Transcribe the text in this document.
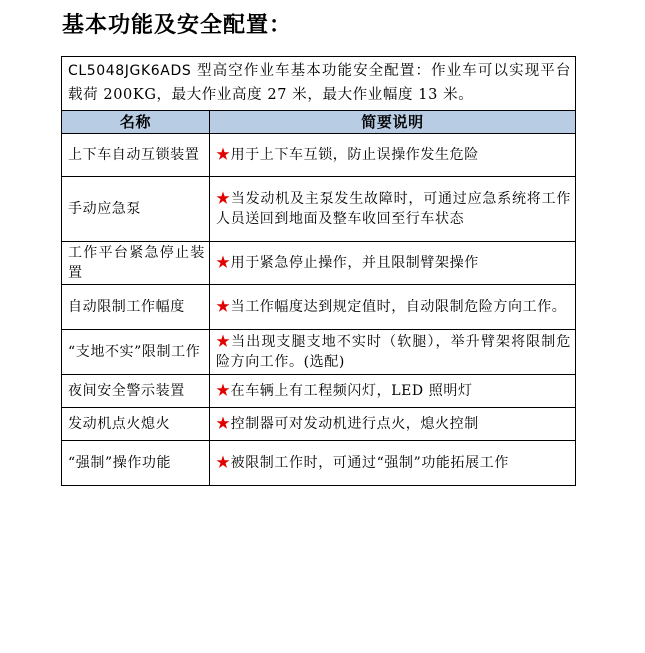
基本功能及安全配置：
CL5048JGK6ADS 型高空作业车基本功能安全配置：作业车可以实现平台载荷 200KG，最大作业高度 27 米，最大作业幅度 13 米。	
名称	简要说明
上下车自动互锁装置	★用于上下车互锁，防止误操作发生危险
手动应急泵	★当发动机及主泵发生故障时，可通过应急系统将工作人员送回到地面及整车收回至行车状态
工作平台紧急停止装置	★用于紧急停止操作，并且限制臂架操作
自动限制工作幅度	★当工作幅度达到规定值时，自动限制危险方向工作。
“支地不实”限制工作	★当出现支腿支地不实时（软腿），举升臂架将限制危险方向工作。(选配)
夜间安全警示装置	★在车辆上有工程频闪灯，LED 照明灯
发动机点火熄火	★控制器可对发动机进行点火，熄火控制
“强制”操作功能	★被限制工作时，可通过“强制”功能拓展工作
